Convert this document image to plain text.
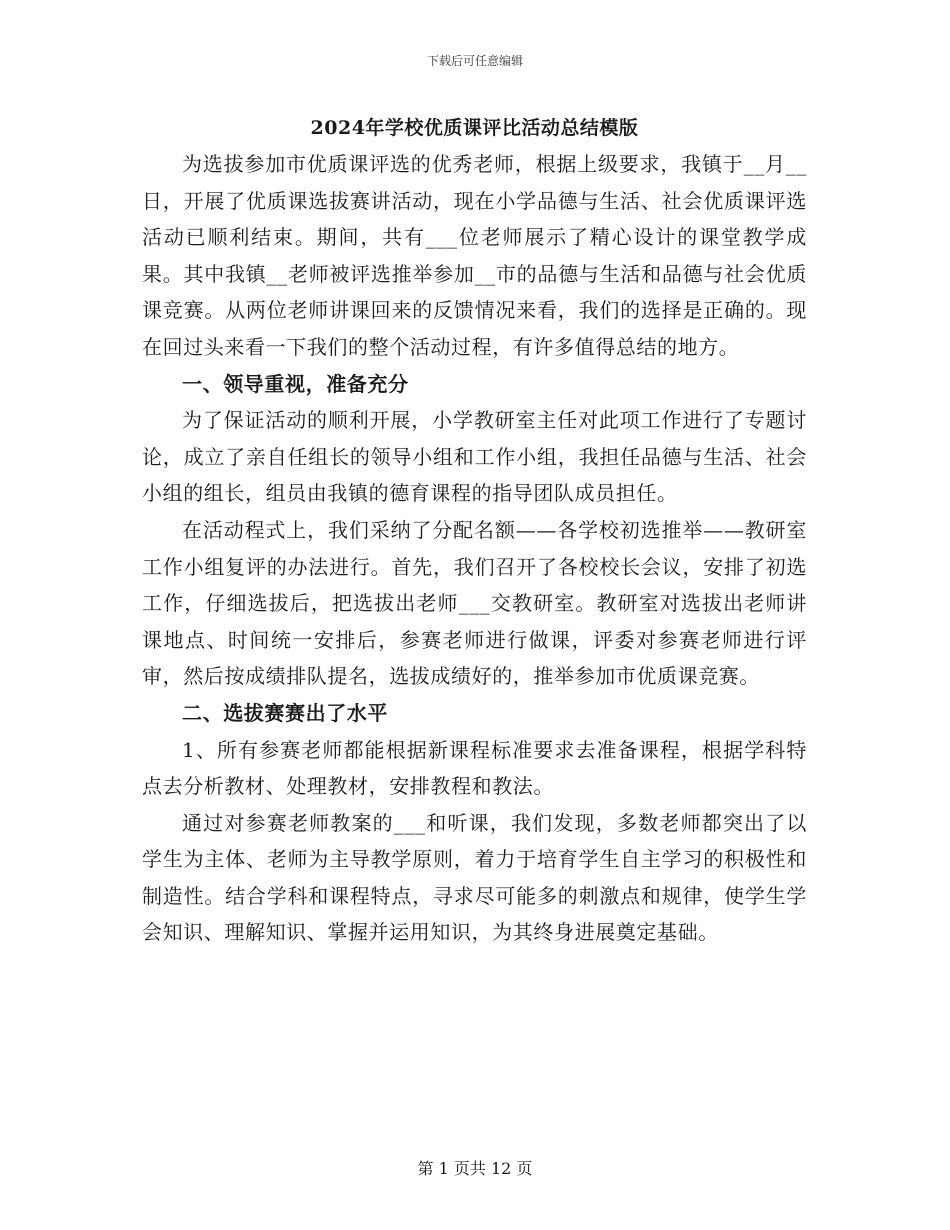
下载后可任意编辑
2024年学校优质课评比活动总结模版

为选拔参加市优质课评选的优秀老师，根据上级要求，我镇于__月__日，开展了优质课选拔赛讲活动，现在小学品德与生活、社会优质课评选活动已顺利结束。期间，共有___位老师展示了精心设计的课堂教学成果。其中我镇__老师被评选推举参加__市的品德与生活和品德与社会优质课竞赛。从两位老师讲课回来的反馈情况来看，我们的选择是正确的。现在回过头来看一下我们的整个活动过程，有许多值得总结的地方。

一、领导重视，准备充分

为了保证活动的顺利开展，小学教研室主任对此项工作进行了专题讨论，成立了亲自任组长的领导小组和工作小组，我担任品德与生活、社会小组的组长，组员由我镇的德育课程的指导团队成员担任。

在活动程式上，我们采纳了分配名额——各学校初选推举——教研室工作小组复评的办法进行。首先，我们召开了各校校长会议，安排了初选工作，仔细选拔后，把选拔出老师___交教研室。教研室对选拔出老师讲课地点、时间统一安排后，参赛老师进行做课，评委对参赛老师进行评审，然后按成绩排队提名，选拔成绩好的，推举参加市优质课竞赛。

二、选拔赛赛出了水平

1、所有参赛老师都能根据新课程标准要求去准备课程，根据学科特点去分析教材、处理教材，安排教程和教法。

通过对参赛老师教案的___和听课，我们发现，多数老师都突出了以学生为主体、老师为主导教学原则，着力于培育学生自主学习的积极性和制造性。结合学科和课程特点，寻求尽可能多的刺激点和规律，使学生学会知识、理解知识、掌握并运用知识，为其终身进展奠定基础。

第 1 页共 12 页
